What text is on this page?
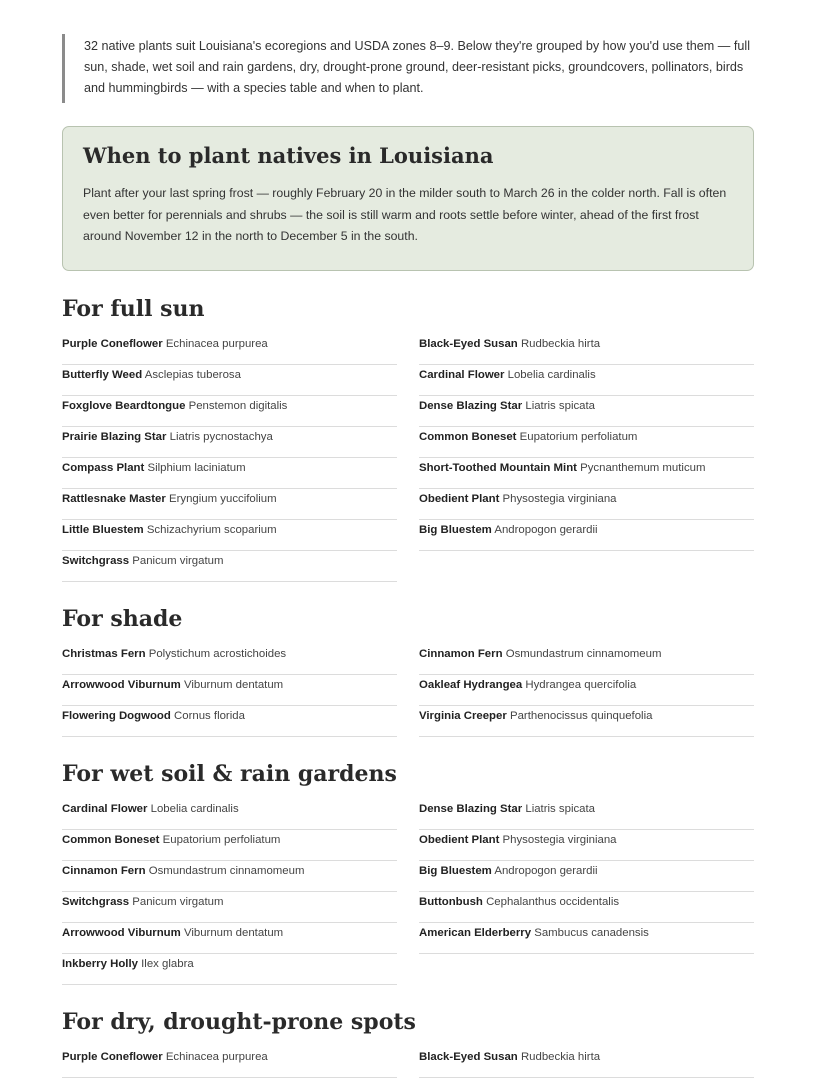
32 native plants suit Louisiana's ecoregions and USDA zones 8–9. Below they're grouped by how you'd use them — full sun, shade, wet soil and rain gardens, dry, drought-prone ground, deer-resistant picks, groundcovers, pollinators, birds and hummingbirds — with a species table and when to plant.
When to plant natives in Louisiana

Plant after your last spring frost — roughly February 20 in the milder south to March 26 in the colder north. Fall is often even better for perennials and shrubs — the soil is still warm and roots settle before winter, ahead of the first frost around November 12 in the north to December 5 in the south.

For full sun
Purple Coneflower Echinacea purpurea	Black-Eyed Susan Rudbeckia hirta
Butterfly Weed Asclepias tuberosa	Cardinal Flower Lobelia cardinalis
Foxglove Beardtongue Penstemon digitalis	Dense Blazing Star Liatris spicata
Prairie Blazing Star Liatris pycnostachya	Common Boneset Eupatorium perfoliatum
Compass Plant Silphium laciniatum	Short-Toothed Mountain Mint Pycnanthemum muticum
Rattlesnake Master Eryngium yuccifolium	Obedient Plant Physostegia virginiana
Little Bluestem Schizachyrium scoparium	Big Bluestem Andropogon gerardii
Switchgrass Panicum virgatum
For shade
Christmas Fern Polystichum acrostichoides	Cinnamon Fern Osmundastrum cinnamomeum
Arrowwood Viburnum Viburnum dentatum	Oakleaf Hydrangea Hydrangea quercifolia
Flowering Dogwood Cornus florida	Virginia Creeper Parthenocissus quinquefolia
For wet soil & rain gardens
Cardinal Flower Lobelia cardinalis	Dense Blazing Star Liatris spicata
Common Boneset Eupatorium perfoliatum	Obedient Plant Physostegia virginiana
Cinnamon Fern Osmundastrum cinnamomeum	Big Bluestem Andropogon gerardii
Switchgrass Panicum virgatum	Buttonbush Cephalanthus occidentalis
Arrowwood Viburnum Viburnum dentatum	American Elderberry Sambucus canadensis
Inkberry Holly Ilex glabra
For dry, drought-prone spots
Purple Coneflower Echinacea purpurea	Black-Eyed Susan Rudbeckia hirta
